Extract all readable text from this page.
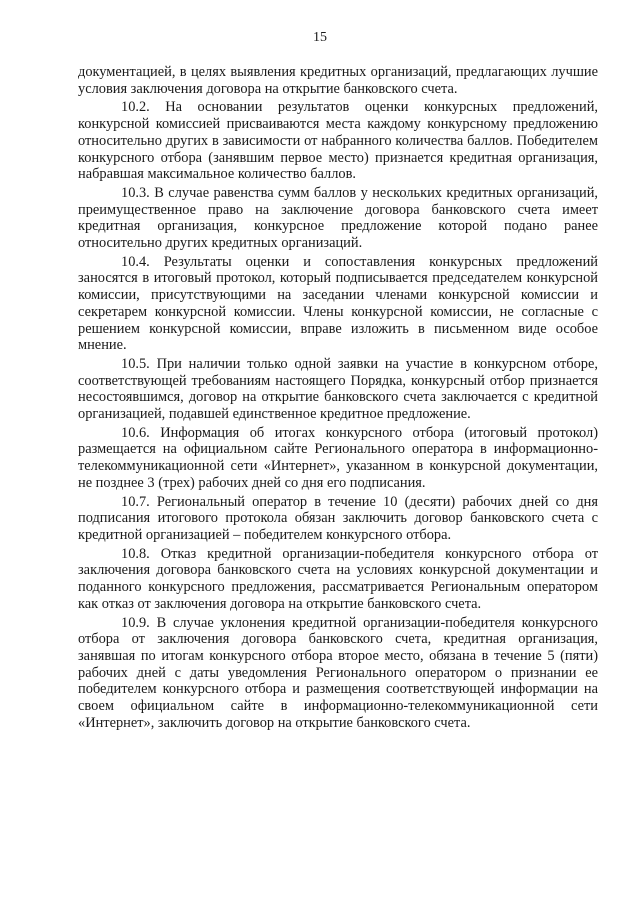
15

документацией, в целях выявления кредитных организаций, предлагающих лучшие условия заключения договора на открытие банковского счета.

10.2. На основании результатов оценки конкурсных предложений, конкурсной комиссией присваиваются места каждому конкурсному предложению относительно других в зависимости от набранного количества баллов. Победителем конкурсного отбора (занявшим первое место) признается кредитная организация, набравшая максимальное количество баллов.

10.3. В случае равенства сумм баллов у нескольких кредитных организаций, преимущественное право на заключение договора банковского счета имеет кредитная организация, конкурсное предложение которой подано ранее относительно других кредитных организаций.

10.4. Результаты оценки и сопоставления конкурсных предложений заносятся в итоговый протокол, который подписывается председателем конкурсной комиссии, присутствующими на заседании членами конкурсной комиссии и секретарем конкурсной комиссии. Члены конкурсной комиссии, не согласные с решением конкурсной комиссии, вправе изложить в письменном виде особое мнение.

10.5. При наличии только одной заявки на участие в конкурсном отборе, соответствующей требованиям настоящего Порядка, конкурсный отбор признается несостоявшимся, договор на открытие банковского счета заключается с кредитной организацией, подавшей единственное кредитное предложение.

10.6. Информация об итогах конкурсного отбора (итоговый протокол) размещается на официальном сайте Регионального оператора в информационно-телекоммуникационной сети «Интернет», указанном в конкурсной документации, не позднее 3 (трех) рабочих дней со дня его подписания.

10.7. Региональный оператор в течение 10 (десяти) рабочих дней со дня подписания итогового протокола обязан заключить договор банковского счета с кредитной организацией – победителем конкурсного отбора.

10.8. Отказ кредитной организации-победителя конкурсного отбора от заключения договора банковского счета на условиях конкурсной документации и поданного конкурсного предложения, рассматривается Региональным оператором как отказ от заключения договора на открытие банковского счета.

10.9. В случае уклонения кредитной организации-победителя конкурсного отбора от заключения договора банковского счета, кредитная организация, занявшая по итогам конкурсного отбора второе место, обязана в течение 5 (пяти) рабочих дней с даты уведомления Регионального оператором о признании ее победителем конкурсного отбора и размещения соответствующей информации на своем официальном сайте в информационно-телекоммуникационной сети «Интернет», заключить договор на открытие банковского счета.
